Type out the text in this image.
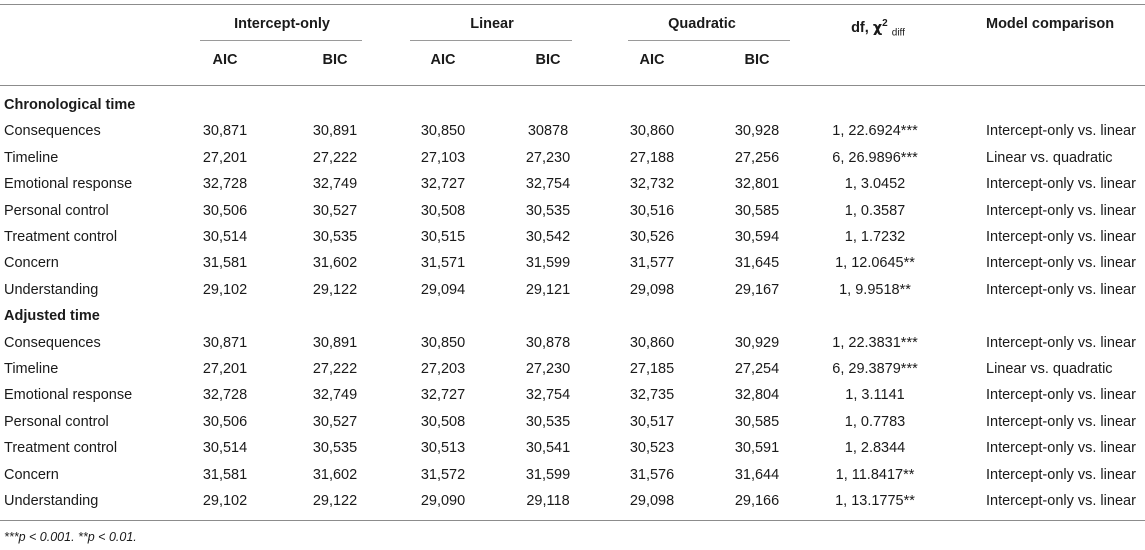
Intercept-only	Linear	Quadratic	df, $\chi^2$ $_{diff}$
Model comparison
AIC	BIC	AIC	BIC	AIC	BIC
Chronological time
Consequences	30,871	30,891	30,850	30878	30,860	30,928	1, 22.6924***	Intercept-only vs. linear
Timeline	27,201	27,222	27,103	27,230	27,188	27,256	6, 26.9896***	Linear vs. quadratic
Emotional response	32,728	32,749	32,727	32,754	32,732	32,801	1, 3.0452	Intercept-only vs. linear
Personal control	30,506	30,527	30,508	30,535	30,516	30,585	1, 0.3587	Intercept-only vs. linear
Treatment control	30,514	30,535	30,515	30,542	30,526	30,594	1, 1.7232	Intercept-only vs. linear
Concern	31,581	31,602	31,571	31,599	31,577	31,645	1, 12.0645**	Intercept-only vs. linear
Understanding	29,102	29,122	29,094	29,121	29,098	29,167	1, 9.9518**	Intercept-only vs. linear
Adjusted time
Consequences	30,871	30,891	30,850	30,878	30,860	30,929	1, 22.3831***	Intercept-only vs. linear
Timeline	27,201	27,222	27,203	27,230	27,185	27,254	6, 29.3879***	Linear vs. quadratic
Emotional response	32,728	32,749	32,727	32,754	32,735	32,804	1, 3.1141	Intercept-only vs. linear
Personal control	30,506	30,527	30,508	30,535	30,517	30,585	1, 0.7783	Intercept-only vs. linear
Treatment control	30,514	30,535	30,513	30,541	30,523	30,591	1, 2.8344	Intercept-only vs. linear
Concern	31,581	31,602	31,572	31,599	31,576	31,644	1, 11.8417**	Intercept-only vs. linear
Understanding	29,102	29,122	29,090	29,118	29,098	29,166	1, 13.1775**	Intercept-only vs. linear
***p < 0.001. **p < 0.01.
